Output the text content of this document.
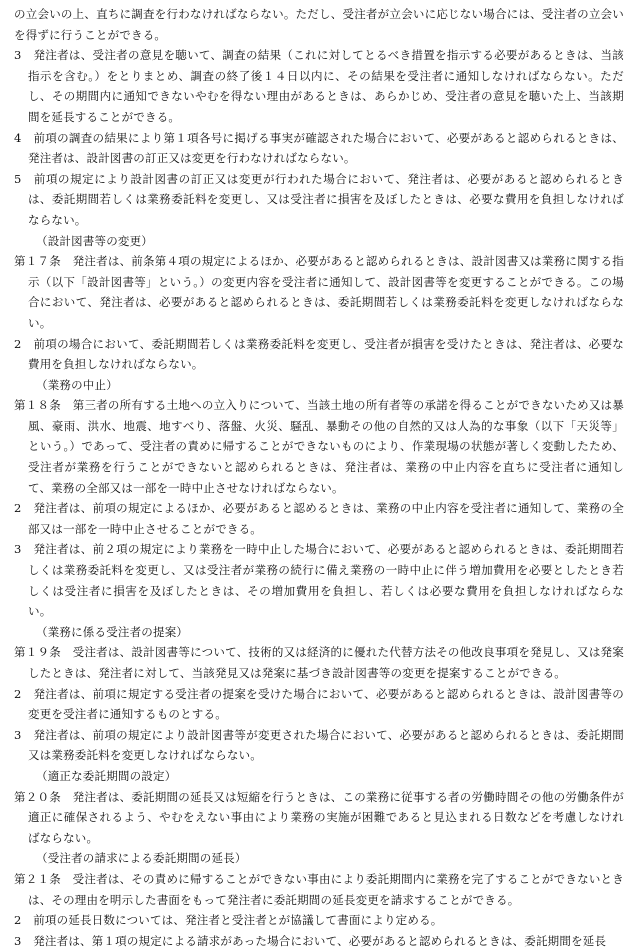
の立会いの上、直ちに調査を行わなければならない。ただし、受注者が立会いに応じない場合には、受注者の立会いを得ずに行うことができる。

3　発注者は、受注者の意見を聴いて、調査の結果（これに対してとるべき措置を指示する必要があるときは、当該指示を含む。）をとりまとめ、調査の終了後１４日以内に、その結果を受注者に通知しなければならない。ただし、その期間内に通知できないやむを得ない理由があるときは、あらかじめ、受注者の意見を聴いた上、当該期間を延長することができる。

4　前項の調査の結果により第１項各号に掲げる事実が確認された場合において、必要があると認められるときは、発注者は、設計図書の訂正又は変更を行わなければならない。

5　前項の規定により設計図書の訂正又は変更が行われた場合において、発注者は、必要があると認められるときは、委託期間若しくは業務委託料を変更し、又は受注者に損害を及ぼしたときは、必要な費用を負担しなければならない。

（設計図書等の変更）

第１７条　発注者は、前条第４項の規定によるほか、必要があると認められるときは、設計図書又は業務に関する指示（以下「設計図書等」という。）の変更内容を受注者に通知して、設計図書等を変更することができる。この場合において、発注者は、必要があると認められるときは、委託期間若しくは業務委託料を変更しなければならない。

2　前項の場合において、委託期間若しくは業務委託料を変更し、受注者が損害を受けたときは、発注者は、必要な費用を負担しなければならない。

（業務の中止）

第１８条　第三者の所有する土地への立入りについて、当該土地の所有者等の承諾を得ることができないため又は暴風、豪雨、洪水、地震、地すべり、落盤、火災、騒乱、暴動その他の自然的又は人為的な事象（以下「天災等」という。）であって、受注者の責めに帰することができないものにより、作業現場の状態が著しく変動したため、受注者が業務を行うことができないと認められるときは、発注者は、業務の中止内容を直ちに受注者に通知して、業務の全部又は一部を一時中止させなければならない。

2　発注者は、前項の規定によるほか、必要があると認めるときは、業務の中止内容を受注者に通知して、業務の全部又は一部を一時中止させることができる。

3　発注者は、前２項の規定により業務を一時中止した場合において、必要があると認められるときは、委託期間若しくは業務委託料を変更し、又は受注者が業務の続行に備え業務の一時中止に伴う増加費用を必要としたとき若しくは受注者に損害を及ぼしたときは、その増加費用を負担し、若しくは必要な費用を負担しなければならない。

（業務に係る受注者の提案）

第１９条　受注者は、設計図書等について、技術的又は経済的に優れた代替方法その他改良事項を発見し、又は発案したときは、発注者に対して、当該発見又は発案に基づき設計図書等の変更を提案することができる。

2　発注者は、前項に規定する受注者の提案を受けた場合において、必要があると認められるときは、設計図書等の変更を受注者に通知するものとする。

3　発注者は、前項の規定により設計図書等が変更された場合において、必要があると認められるときは、委託期間又は業務委託料を変更しなければならない。

（適正な委託期間の設定）

第２０条　発注者は、委託期間の延長又は短縮を行うときは、この業務に従事する者の労働時間その他の労働条件が適正に確保されるよう、やむをえない事由により業務の実施が困難であると見込まれる日数などを考慮しなければならない。

（受注者の請求による委託期間の延長）

第２１条　受注者は、その責めに帰することができない事由により委託期間内に業務を完了することができないときは、その理由を明示した書面をもって発注者に委託期間の延長変更を請求することができる。

2　前項の延長日数については、発注者と受注者とが協議して書面により定める。

3　発注者は、第１項の規定による請求があった場合において、必要があると認められるときは、委託期間を延長
